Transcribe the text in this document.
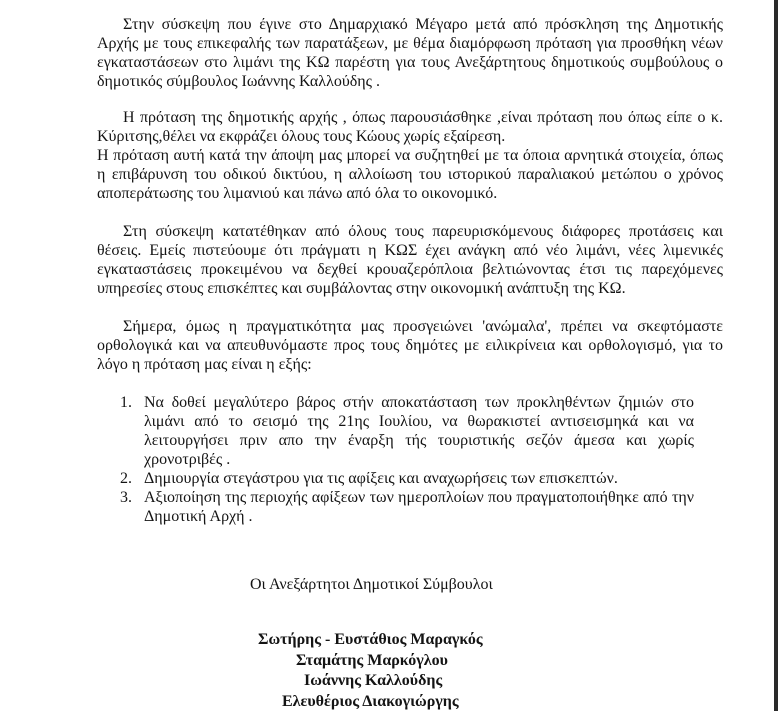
Στην σύσκεψη που έγινε στο Δημαρχιακό Μέγαρο μετά από πρόσκληση της Δημοτικής Αρχής με τους επικεφαλής των παρατάξεων, με θέμα διαμόρφωση πρόταση για προσθήκη νέων εγκαταστάσεων στο λιμάνι της ΚΩ παρέστη για τους Ανεξάρτητους δημοτικούς συμβούλους ο δημοτικός σύμβουλος Ιωάννης Καλλούδης .

Η πρόταση της δημοτικής αρχής , όπως παρουσιάσθηκε ,είναι πρόταση που όπως είπε ο κ. Κύριτσης,θέλει να εκφράζει όλους τους Κώους χωρίς εξαίρεση.
Η πρόταση αυτή κατά την άποψη μας μπορεί να συζητηθεί με τα όποια αρνητικά στοιχεία, όπως η επιβάρυνση του οδικού δικτύου, η αλλοίωση του ιστορικού παραλιακού μετώπου ο χρόνος αποπεράτωσης του λιμανιού και πάνω από όλα το οικονομικό.

Στη σύσκεψη κατατέθηκαν από όλους τους παρευρισκόμενους διάφορες προτάσεις και θέσεις. Εμείς πιστεύουμε ότι πράγματι η ΚΩΣ έχει ανάγκη από νέο λιμάνι, νέες λιμενικές εγκαταστάσεις προκειμένου να δεχθεί κρουαζερόπλοια βελτιώνοντας έτσι τις παρεχόμενες υπηρεσίες στους επισκέπτες και συμβάλοντας στην οικονομική ανάπτυξη της ΚΩ.

Σήμερα, όμως η πραγματικότητα μας προσγειώνει 'ανώμαλα', πρέπει να σκεφτόμαστε ορθολογικά και να απευθυνόμαστε προς τους δημότες με ειλικρίνεια και ορθολογισμό, για το λόγο η πρόταση μας είναι η εξής:

1. Να δοθεί μεγαλύτερο βάρος στήν αποκατάσταση των προκληθέντων ζημιών στο λιμάνι από το σεισμό της 21ης Ιουλίου, να θωρακιστεί αντισεισμηκά και να λειτουργήσει πριν απο την έναρξη τής τουριστικής σεζόν άμεσα και χωρίς χρονοτριβές .
2. Δημιουργία στεγάστρου για τις αφίξεις και αναχωρήσεις των επισκεπτών.
3. Αξιοποίηση της περιοχής αφίξεων των ημεροπλοίων που πραγματοποιήθηκε από την Δημοτική Αρχή .
Οι Ανεξάρτητοι Δημοτικοί Σύμβουλοι
Σωτήρης - Ευστάθιος Μαραγκός
Σταμάτης Μαρκόγλου
Ιωάννης Καλλούδης
Ελευθέριος Διακογιώργης
